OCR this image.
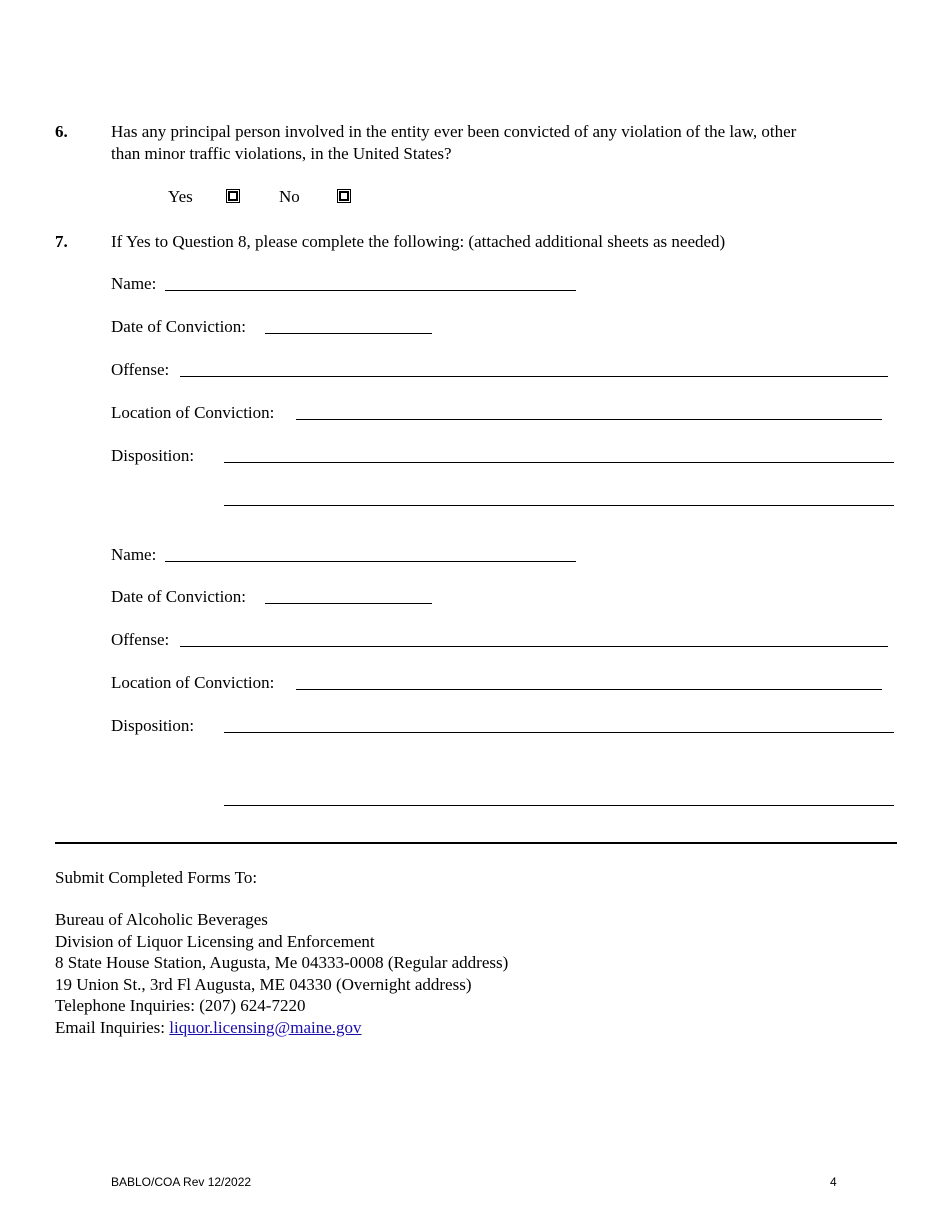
6.	Has any principal person involved in the entity ever been convicted of any violation of the law, other
than minor traffic violations, in the United States?
Yes	No
7.	If Yes to Question 8, please complete the following: (attached additional sheets as needed)
Name:
Date of Conviction:
Offense:
Location of Conviction:
Disposition:
Name:
Date of Conviction:
Offense:
Location of Conviction:
Disposition:
Submit Completed Forms To:
Bureau of Alcoholic Beverages
Division of Liquor Licensing and Enforcement
8 State House Station, Augusta, Me 04333-0008 (Regular address)
19 Union St., 3rd Fl Augusta, ME 04330 (Overnight address)
Telephone Inquiries: (207) 624-7220
Email Inquiries: liquor.licensing@maine.gov
BABLO/COA Rev 12/2022	4
